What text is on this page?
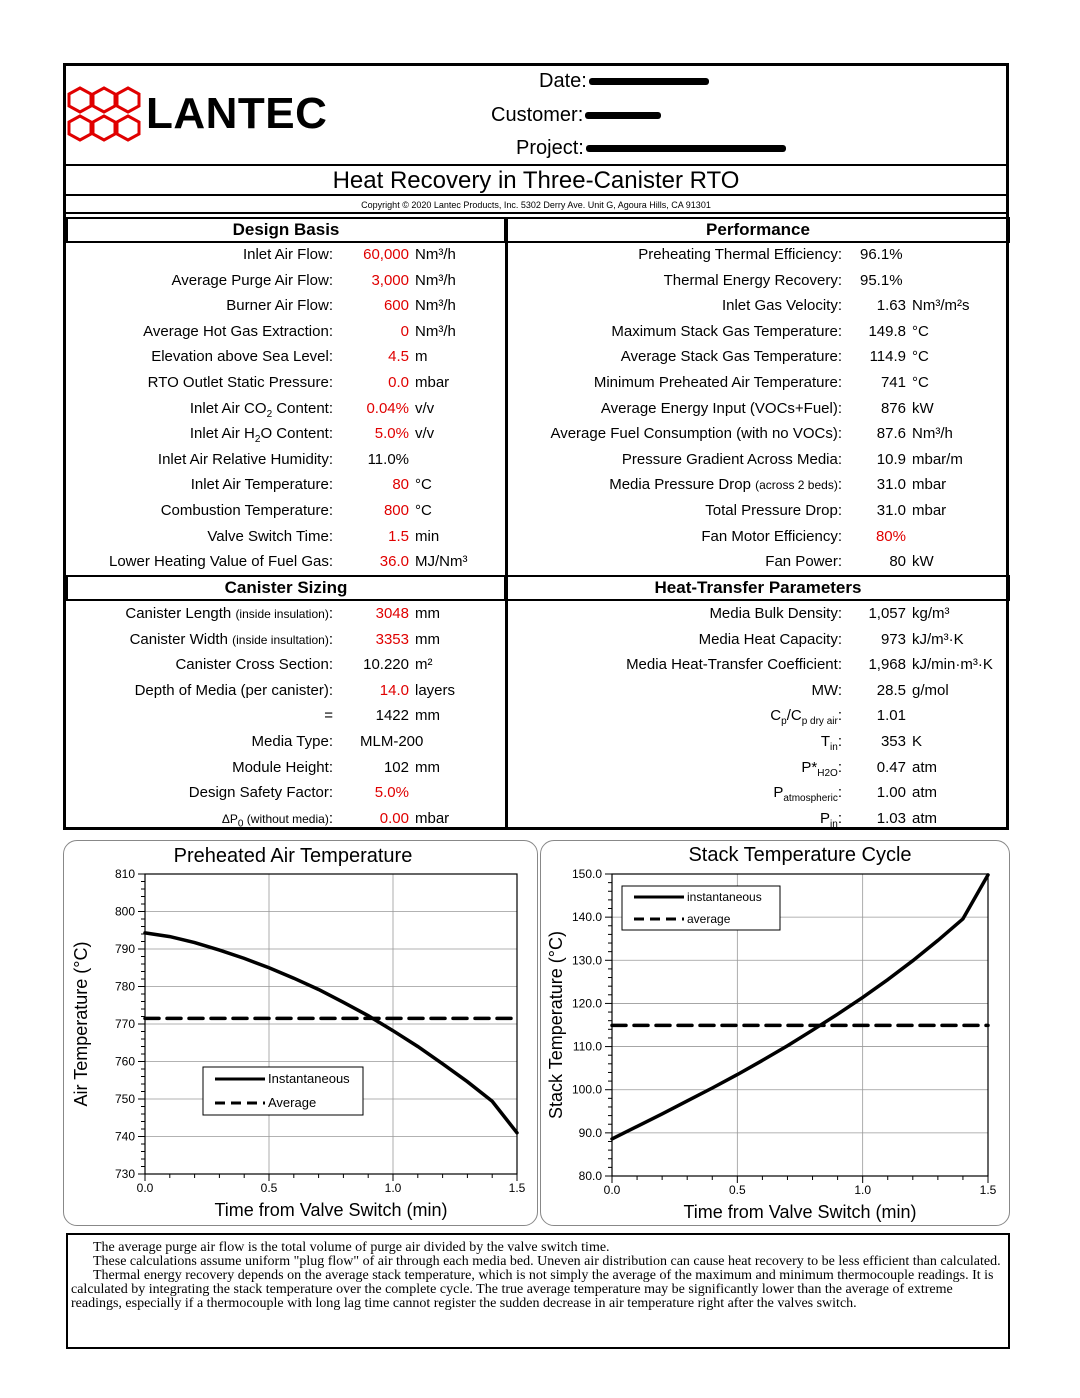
LANTEC
Date:
Customer:
Project:
Heat Recovery in Three-Canister RTO
Copyright © 2020 Lantec Products, Inc. 5302 Derry Ave. Unit G, Agoura Hills, CA 91301
Design Basis	Performance
Canister Sizing	Heat-Transfer Parameters
Inlet Air Flow: 60,000 Nm³/h
Average Purge Air Flow:	3,000 Nm³/h
Burner Air Flow:	600 Nm³/h
Average Hot Gas Extraction:	0 Nm³/h
Elevation above Sea Level:	4.5 m
RTO Outlet Static Pressure:	0.0 mbar
Inlet Air $CO_2$ Content: 0.04% v/v
Inlet Air $H_2O$ Content:	5.0% v/v
Inlet Air Relative Humidity: 11.0%
Inlet Air Temperature:	80 °C
Combustion Temperature:	800 °C
Valve Switch Time:	1.5 min
Lower Heating Value of Fuel Gas:	36.0 MJ/Nm³
Preheating Thermal Efficiency: 96.1%
Thermal Energy Recovery: 95.1%
Inlet Gas Velocity: 1.63 Nm³/m²s
Maximum Stack Gas Temperature: 149.8 °C
Average Stack Gas Temperature: 114.9 °C
Minimum Preheated Air Temperature:	741 °C
Average Energy Input (VOCs+Fuel):	876 kW
Average Fuel Consumption (with no VOCs): 87.6 Nm³/h
Pressure Gradient Across Media: 10.9 mbar/m
Media Pressure Drop (across 2 beds): 31.0 mbar
Total Pressure Drop: 31.0 mbar
Fan Motor Efficiency: 80%
Fan Power:	80 kW
Canister Length (inside insulation):	3048 mm
Canister Width (inside insultation):	3353 mm
Canister Cross Section: 10.220 m²
Depth of Media (per canister):	14.0 layers
=	1422 mm
Media Type: MLM-200
Module Height:	102 mm
Design Safety Factor:	5.0%
$\Delta P_0$ (without media):	0.00 mbar
Media Bulk Density: 1,057 kg/m³
Media Heat Capacity:	973 kJ/m³·K
Media Heat-Transfer Coefficient: 1,968 kJ/min·m³·K
MW: 28.5 g/mol
$C_p/C_{p dry air}$: 1.01
$T_{in}$:	353 K
$P*_{H2O}$: 0.47 atm
$P_{atmospheric}$: 1.00 atm
$P_{in}$: 1.03 atm
Preheated Air Temperature
730
740
750
760
770
780
790
800
810
0.0	0.5	1.0	1.5
Time from Valve Switch (min)
Air Temperature (°C)	Instantaneous
Average
Stack Temperature Cycle
80.0
90.0
100.0
110.0
120.0
130.0
140.0
150.0
0.0	0.5	1.0	1.5
Time from Valve Switch (min)
Stack Temperature (°C)
instantaneous
average

The average purge air flow is the total volume of purge air divided by the valve switch time.

These calculations assume uniform "plug flow" of air through each media bed. Uneven air distribution can cause heat recovery to be less efficient than calculated.

Thermal energy recovery depends on the average stack temperature, which is not simply the average of the maximum and minimum thermocouple readings. It is calculated by integrating the stack temperature over the complete cycle. The true average temperature may be significantly lower than the average of extreme readings, especially if a thermocouple with long lag time cannot register the sudden decrease in air temperature right after the valves switch.
